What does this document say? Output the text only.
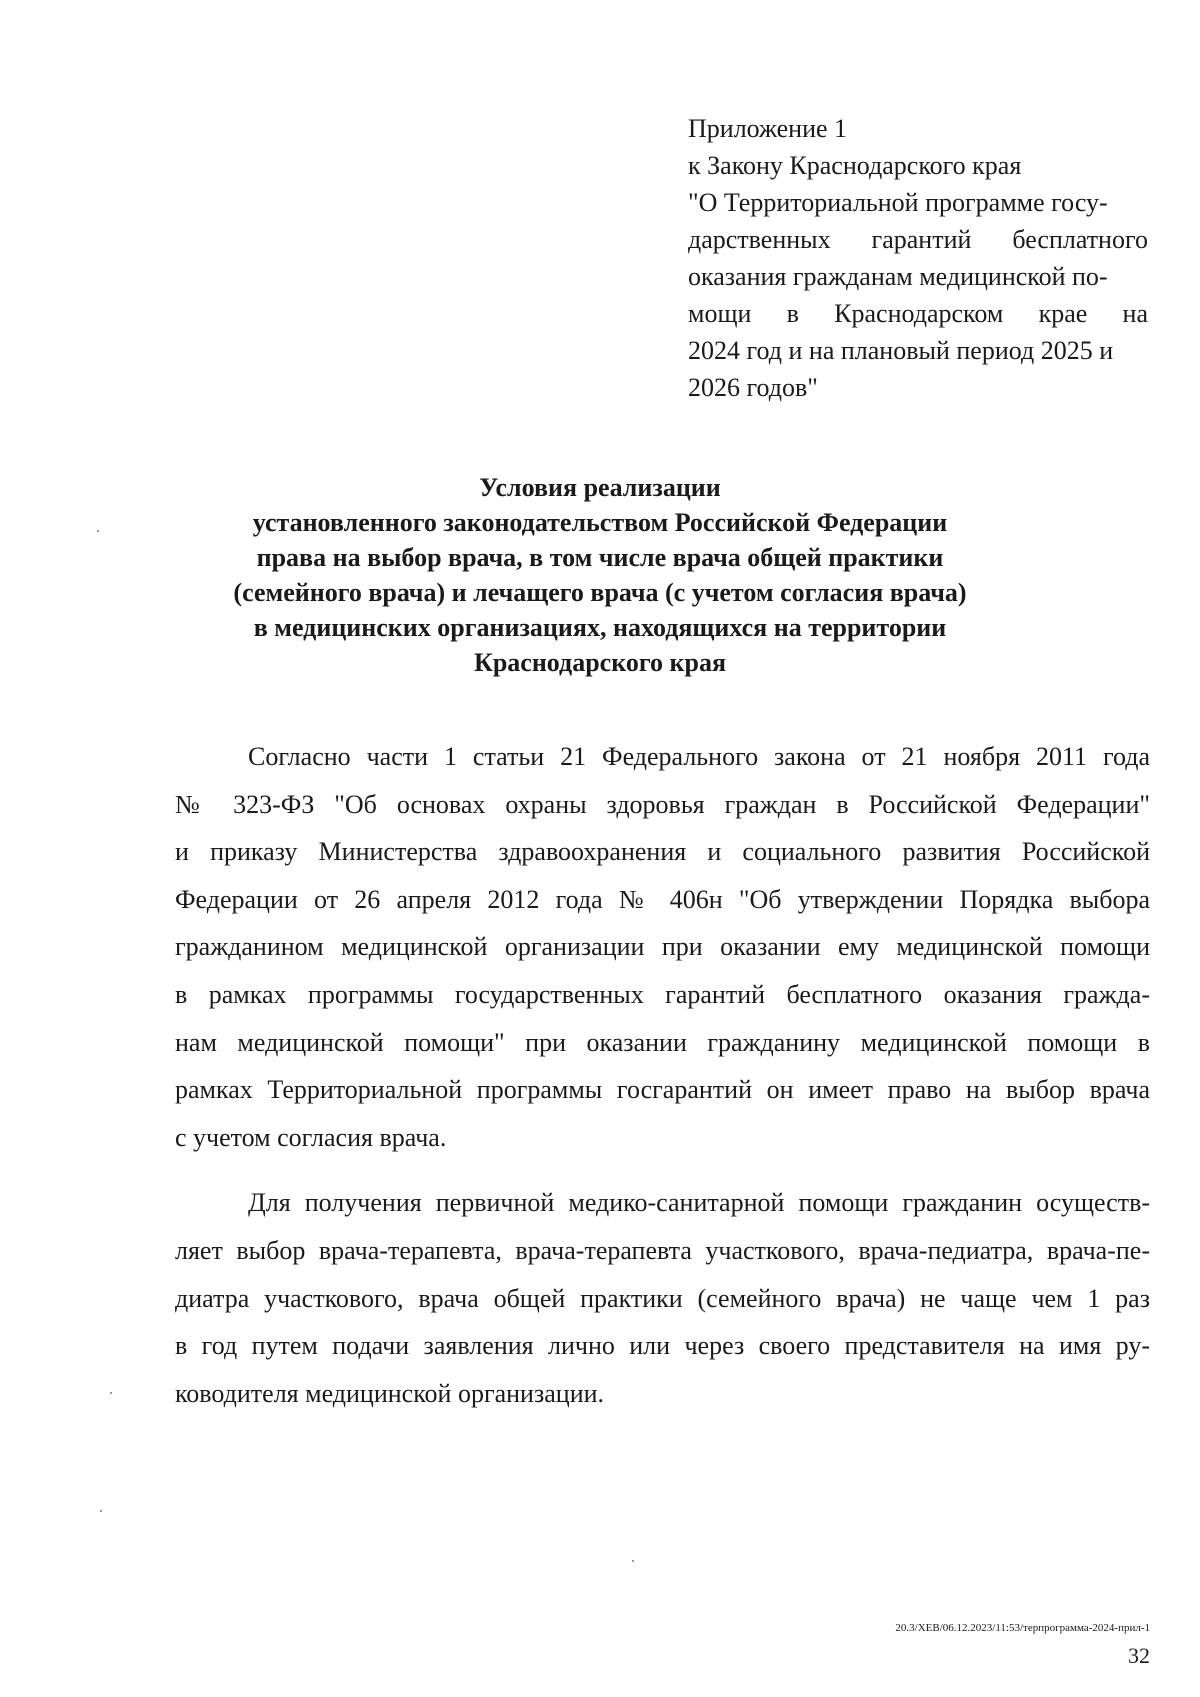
Приложение 1
к Закону Краснодарского края
"О Территориальной программе госу-
дарственных гарантий бесплатного
оказания гражданам медицинской по-
мощи в Краснодарском крае на
2024 год и на плановый период 2025 и
2026 годов"
Условия реализации
установленного законодательством Российской Федерации
права на выбор врача, в том числе врача общей практики
(семейного врача) и лечащего врача (с учетом согласия врача)
в медицинских организациях, находящихся на территории
Краснодарского края
Согласно части 1 статьи 21 Федерального закона от 21 ноября 2011 года
№ 323-ФЗ "Об основах охраны здоровья граждан в Российской Федерации"
и приказу Министерства здравоохранения и социального развития Российской
Федерации от 26 апреля 2012 года № 406н "Об утверждении Порядка выбора
гражданином медицинской организации при оказании ему медицинской помощи
в рамках программы государственных гарантий бесплатного оказания гражда-
нам медицинской помощи" при оказании гражданину медицинской помощи в
рамках Территориальной программы госгарантий он имеет право на выбор врача
с учетом согласия врача.
Для получения первичной медико-санитарной помощи гражданин осуществ-
ляет выбор врача-терапевта, врача-терапевта участкового, врача-педиатра, врача-пе-
диатра участкового, врача общей практики (семейного врача) не чаще чем 1 раз
в год путем подачи заявления лично или через своего представителя на имя ру-
ководителя медицинской организации.
20.3/ХЕВ/06.12.2023/11:53/терпрограмма-2024-прил-1
32
